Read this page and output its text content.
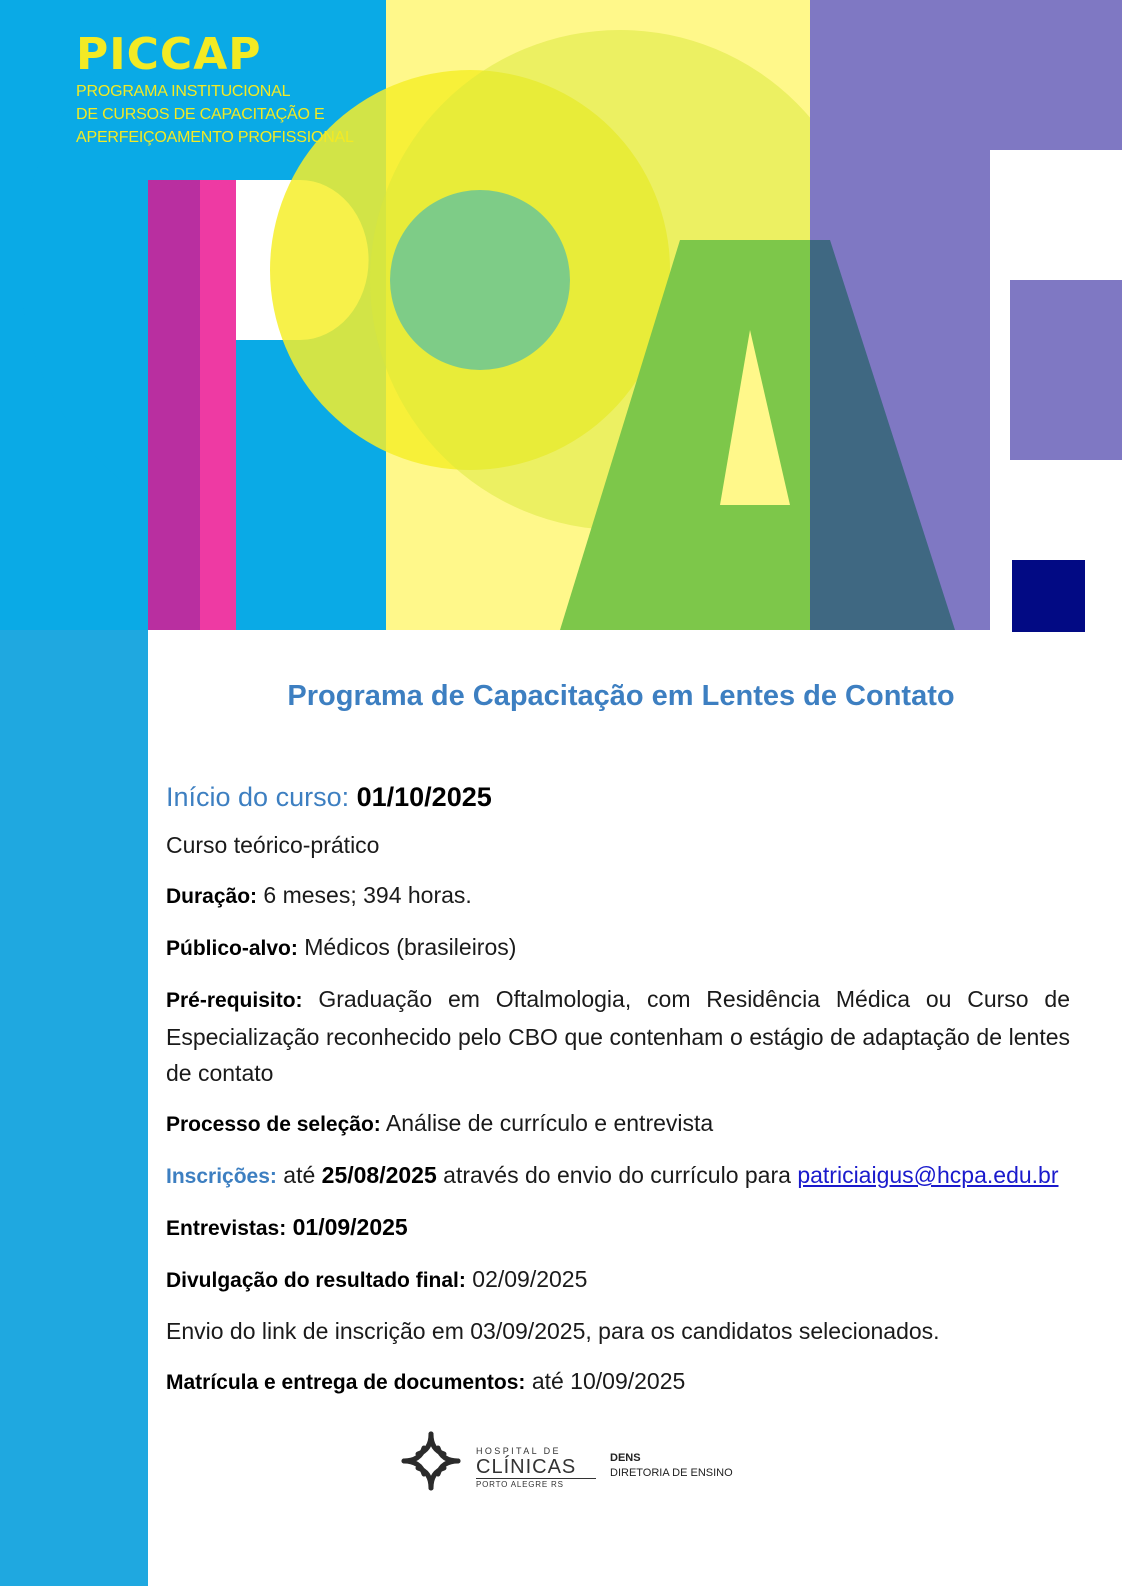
PICCAP
PROGRAMA INSTITUCIONAL
DE CURSOS DE CAPACITAÇÃO E
APERFEIÇOAMENTO PROFISSIONAL
Programa de Capacitação em Lentes de Contato

Início do curso: 01/10/2025

Curso teórico-prático

Duração: 6 meses; 394 horas.

Público-alvo: Médicos (brasileiros)

Pré-requisito: Graduação em Oftalmologia, com Residência Médica ou Curso de Especialização reconhecido pelo CBO que contenham o estágio de adaptação de lentes de contato

Processo de seleção: Análise de currículo e entrevista

Inscrições: até 25/08/2025 através do envio do currículo para patriciaigus@hcpa.edu.br

Entrevistas: 01/09/2025

Divulgação do resultado final: 02/09/2025

Envio do link de inscrição em 03/09/2025, para os candidatos selecionados.

Matrícula e entrega de documentos: até 10/09/2025

HOSPITAL DE
CLÍNICAS
PORTO ALEGRE RS
DENS
DIRETORIA DE ENSINO
